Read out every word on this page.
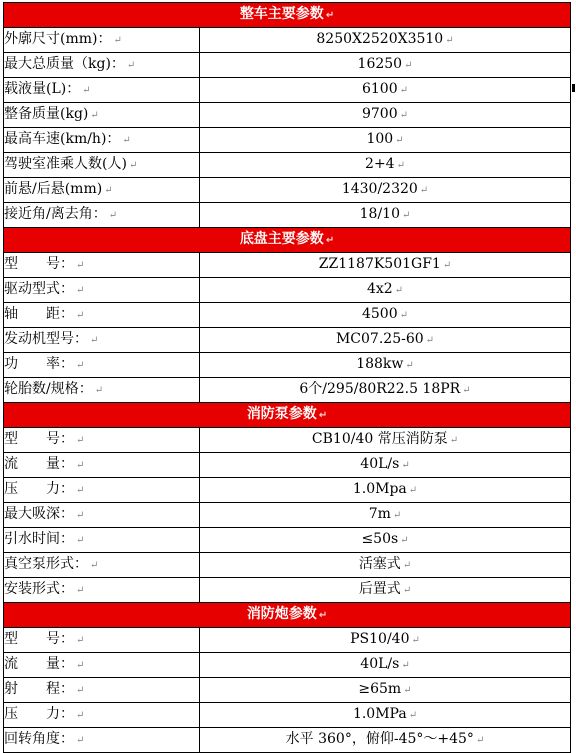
整车主要参数 ↵	
外廓尺寸(mm)： ↵	8250X2520X3510 ↵
最大总质量（kg)： ↵	16250 ↵
载液量(L)： ↵	6100 ↵
整备质量(kg) ↵	9700 ↵
最高车速(km/h)： ↵	100 ↵
驾驶室准乘人数(人) ↵	2+4 ↵
前悬/后悬(mm) ↵	1430/2320 ↵
接近角/离去角： ↵	18/10 ↵
底盘主要参数 ↵	
型　　号： ↵	ZZ1187K501GF1 ↵
驱动型式： ↵	4x2 ↵
轴　　距： ↵	4500 ↵
发动机型号： ↵	MC07.25-60 ↵
功　　率： ↵	188kw ↵
轮胎数/规格： ↵	6个/295/80R22.5 18PR ↵
消防泵参数 ↵	
型　　号： ↵	CB10/40 常压消防泵 ↵
流　　量： ↵	40L/s ↵
压　　力： ↵	1.0Mpa ↵
最大吸深： ↵	7m ↵
引水时间： ↵	≤50s ↵
真空泵形式： ↵	活塞式 ↵
安装形式： ↵	后置式 ↵
消防炮参数 ↵	
型　　号： ↵	PS10/40 ↵
流　　量： ↵	40L/s ↵
射　　程： ↵	≥65m ↵
压　　力： ↵	1.0MPa ↵
回转角度： ↵	水平 360°，俯仰-45°～+45° ↵
